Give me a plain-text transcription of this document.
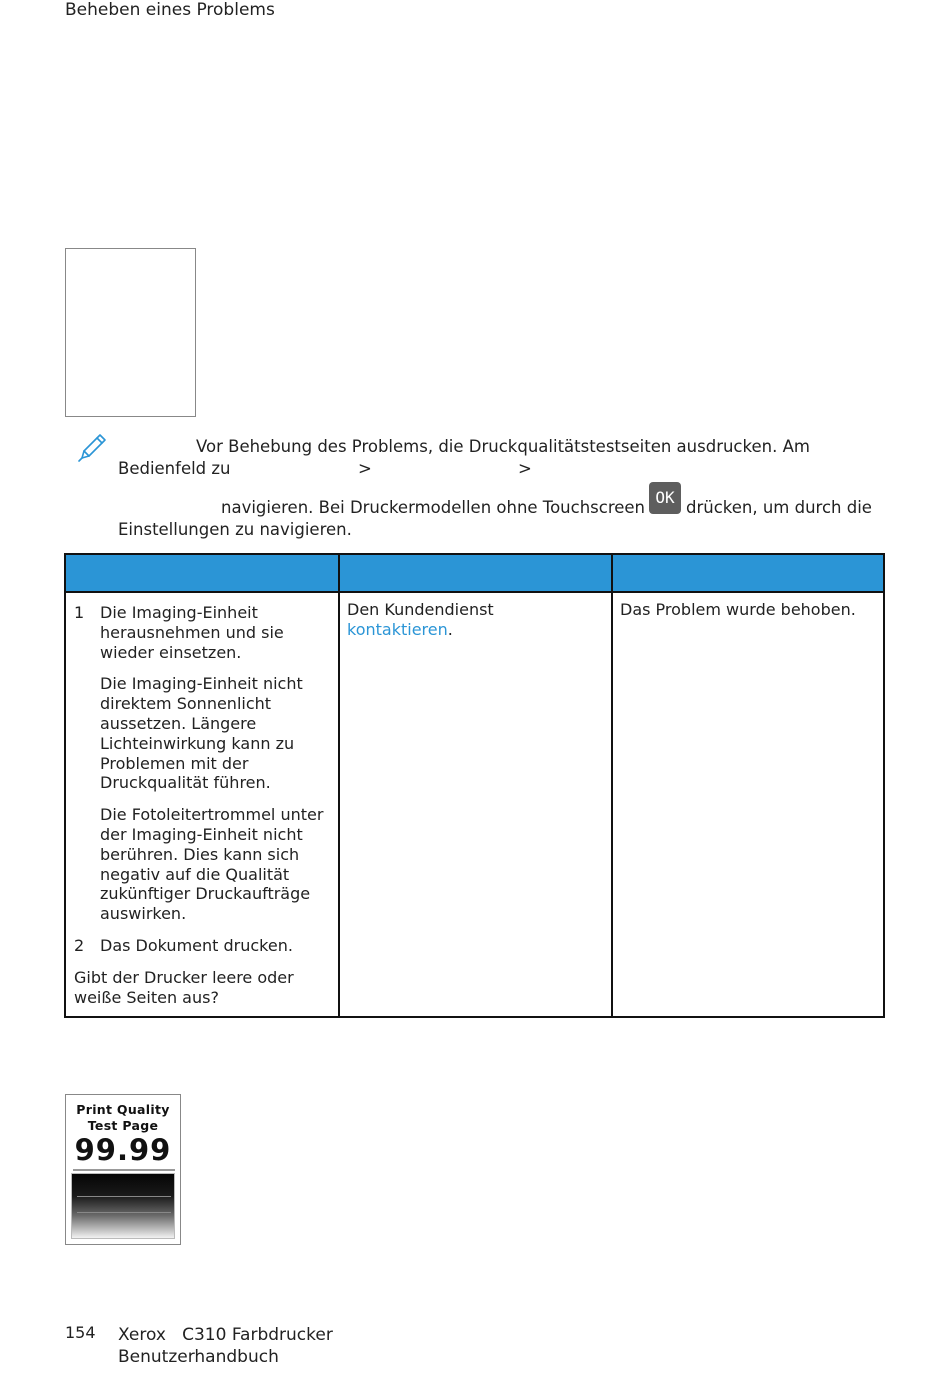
Beheben eines Problems
Vor Behebung des Problems, die Druckqualitätstestseiten ausdrucken. Am
Bedienfeld zu	>	>
navigieren. Bei Druckermodellen ohne Touchscreen
OK
drücken, um durch die
Einstellungen zu navigieren.
1 Die Imaging-Einheit herausnehmen und sie wieder einsetzen.
Die Imaging-Einheit nicht direktem Sonnenlicht aussetzen. Längere Lichteinwirkung kann zu Problemen mit der Druckqualität führen.
Die Fotoleitertrommel unter der Imaging-Einheit nicht berühren. Dies kann sich negativ auf die Qualität zukünftiger Druckaufträge auswirken.
2 Das Dokument drucken.
Gibt der Drucker leere oder weiße Seiten aus?
Den Kundendienst kontaktieren.
Das Problem wurde behoben.
Print Quality
Test Page
99.99
154 Xerox   C310 Farbdrucker
Benutzerhandbuch
